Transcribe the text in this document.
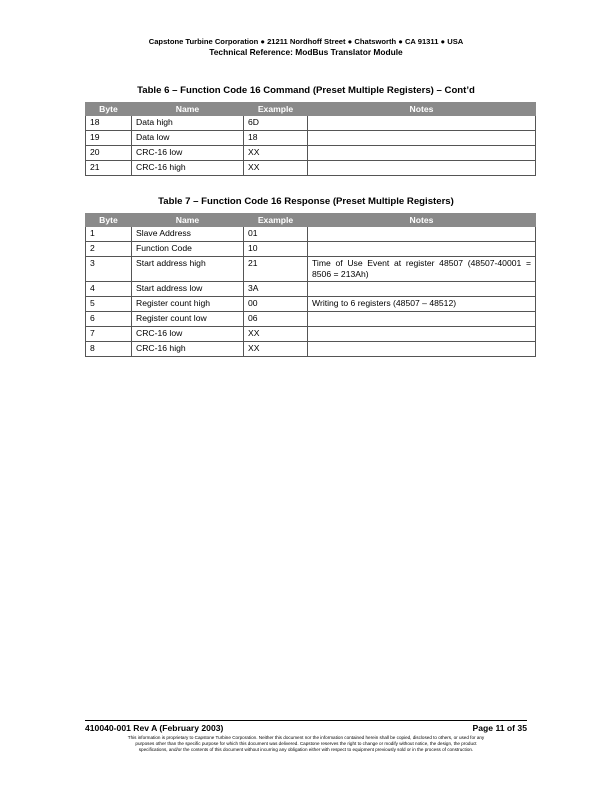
Capstone Turbine Corporation ● 21211 Nordhoff Street ● Chatsworth ● CA 91311 ● USA
Technical Reference: ModBus Translator Module
Table 6 – Function Code 16 Command (Preset Multiple Registers) – Cont’d
Byte	Name	Example	Notes
18	Data high	6D	
19	Data low	18	
20	CRC-16 low	XX	
21	CRC-16 high	XX	
Table 7 – Function Code 16 Response (Preset Multiple Registers)
Byte	Name	Example	Notes
1	Slave Address	01	
2	Function Code	10	
3	Start address high	21	Time of Use Event at register 48507 (48507-40001 = 8506 = 213Ah)
4	Start address low	3A	
5	Register count high	00	Writing to 6 registers (48507 – 48512)
6	Register count low	06	
7	CRC-16 low	XX	
8	CRC-16 high	XX	
410040-001 Rev A (February 2003)	Page 11 of 35
This information is proprietary to Capstone Turbine Corporation. Neither this document nor the information contained herein shall be copied, disclosed to others, or used for any
purposes other than the specific purpose for which this document was delivered. Capstone reserves the right to change or modify without notice, the design, the product
specifications, and/or the contents of this document without incurring any obligation either with respect to equipment previously sold or in the process of construction.
